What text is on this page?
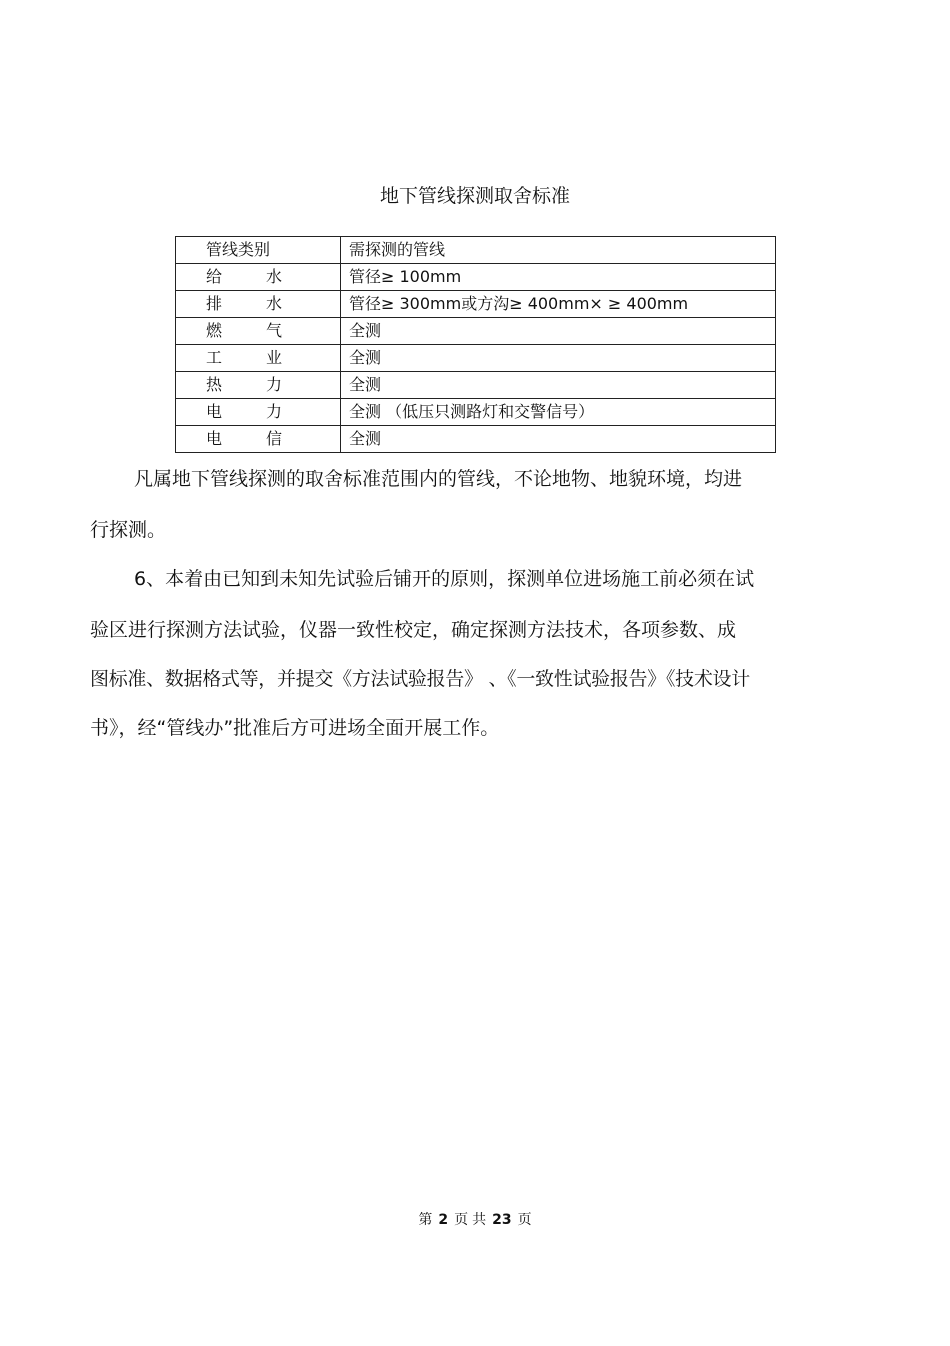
地下管线探测取舍标准
管线类别	需探测的管线
给水	管径≥ 100mm
排水	管径≥ 300mm或方沟≥ 400mm× ≥ 400mm
燃气	全测
工业	全测
热力	全测
电力	全测 （低压只测路灯和交警信号）
电信	全测
凡属地下管线探测的取舍标准范围内的管线，不论地物、地貌环境，均进
行探测。
6、本着由已知到未知先试验后铺开的原则，探测单位进场施工前必须在试
验区进行探测方法试验，仪器一致性校定，确定探测方法技术，各项参数、成
图标准、数据格式等，并提交《方法试验报告》 、《一致性试验报告》《技术设计
书》，经“管线办”批准后方可进场全面开展工作。
第 2 页 共 23 页
